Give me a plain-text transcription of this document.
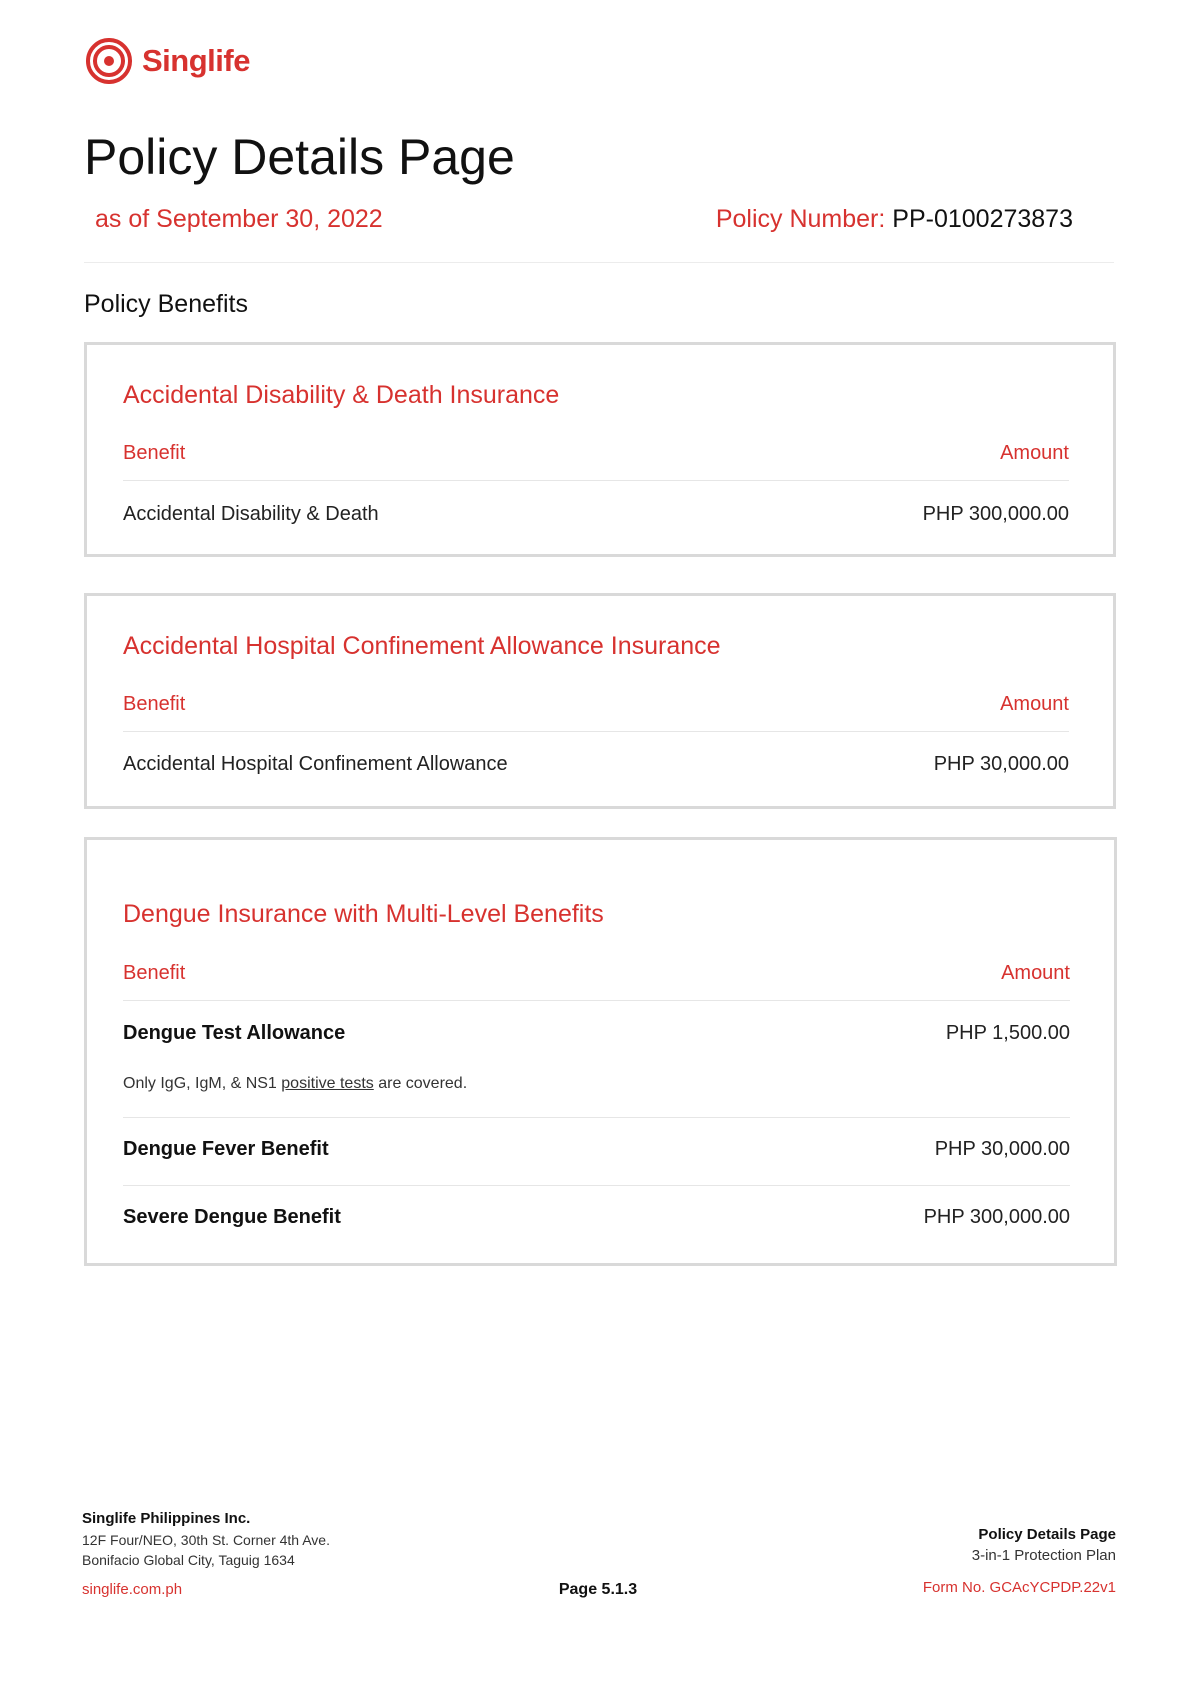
Singlife
Policy Details Page
as of September 30, 2022	Policy Number: PP-0100273873
Policy Benefits
Accidental Disability & Death Insurance
Benefit	Amount
Accidental Disability & Death	PHP 300,000.00
Accidental Hospital Confinement Allowance Insurance
Benefit	Amount
Accidental Hospital Confinement Allowance	PHP 30,000.00
Dengue Insurance with Multi-Level Benefits
Benefit	Amount
Dengue Test Allowance	PHP 1,500.00
Only IgG, IgM, & NS1 positive tests are covered.
Dengue Fever Benefit	PHP 30,000.00
Severe Dengue Benefit	PHP 300,000.00
Singlife Philippines Inc.
12F Four/NEO, 30th St. Corner 4th Ave.
Bonifacio Global City, Taguig 1634
singlife.com.ph	Page 5.1.3
Policy Details Page
3-in-1 Protection Plan
Form No. GCAcYCPDP.22v1
